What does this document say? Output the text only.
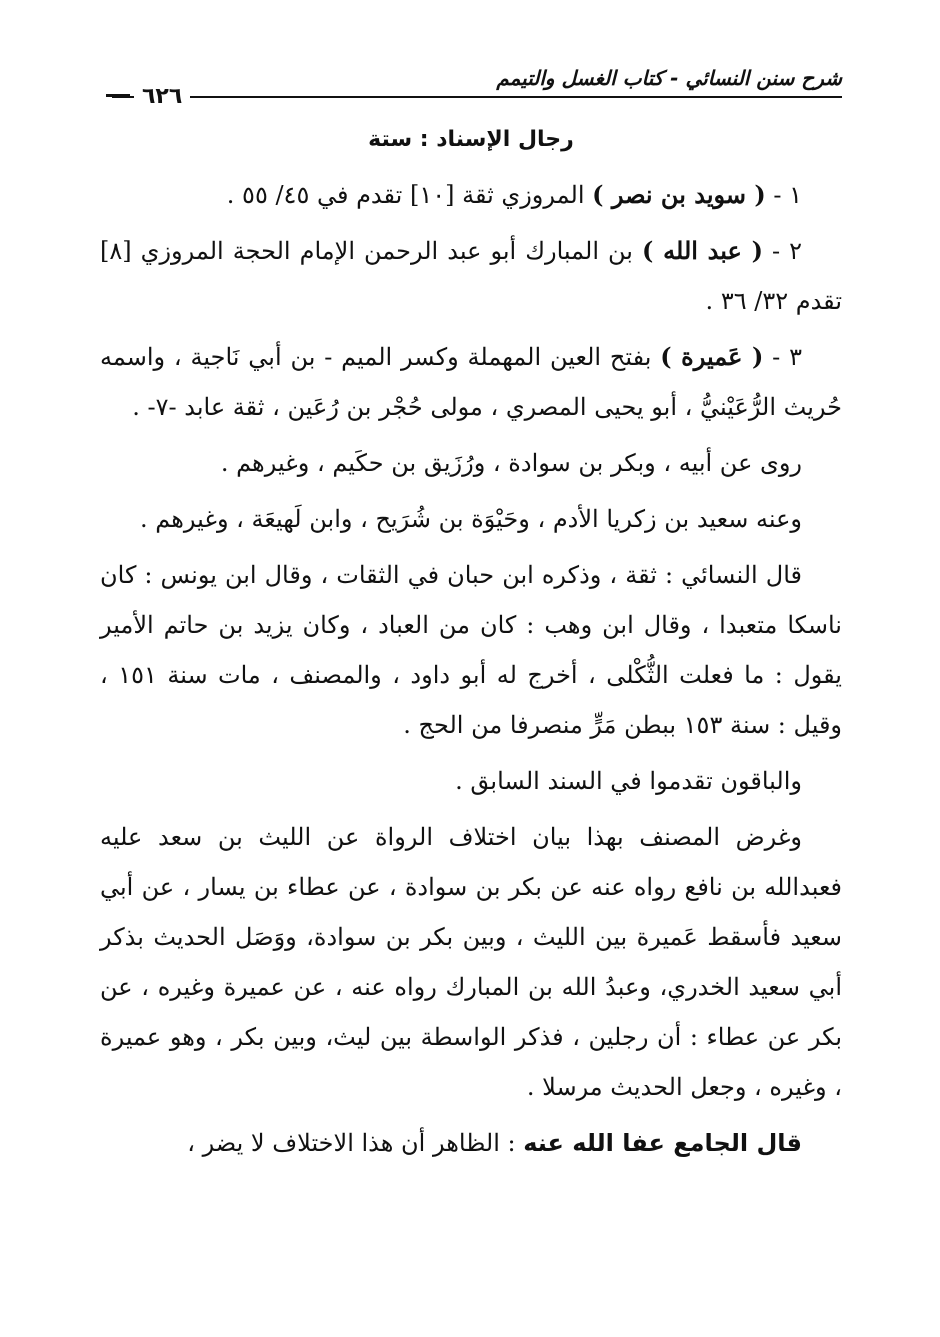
شرح سنن النسائي - كتاب الغسل والتيمم
٦٢٦
رجال الإسناد : ستة

١ - ( سويد بن نصر ) المروزي ثقة [١٠] تقدم في ٤٥/ ٥٥ .

٢ - ( عبد الله ) بن المبارك أبو عبد الرحمن الإمام الحجة المروزي [٨] تقدم ٣٢/ ٣٦ .

٣ - ( عَميرة ) بفتح العين المهملة وكسر الميم - بن أبي نَاجية ، واسمه حُريث الرُّعَيْنيُّ ، أبو يحيى المصري ، مولى حُجْر بن رُعَين ، ثقة عابد -٧- .

روى عن أبيه ، وبكر بن سوادة ، ورُزَيق بن حكَيم ، وغيرهم .

وعنه سعيد بن زكريا الأدم ، وحَيْوَة بن شُرَيح ، وابن لَهيعَة ، وغيرهم .

قال النسائي : ثقة ، وذكره ابن حبان في الثقات ، وقال ابن يونس : كان ناسكا متعبدا ، وقال ابن وهب : كان من العباد ، وكان يزيد بن حاتم الأمير يقول : ما فعلت الثُّكْلى ، أخرج له أبو داود ، والمصنف ، مات سنة ١٥١ ، وقيل : سنة ١٥٣ ببطن مَرٍّ منصرفا من الحج .

والباقون تقدموا في السند السابق .

وغرض المصنف بهذا بيان اختلاف الرواة عن الليث بن سعد عليه فعبدالله بن نافع رواه عنه عن بكر بن سوادة ، عن عطاء بن يسار ، عن أبي سعيد فأسقط عَميرة بين الليث ، وبين بكر بن سوادة، ووَصَل الحديث بذكر أبي سعيد الخدري، وعبدُ الله بن المبارك رواه عنه ، عن عميرة وغيره ، عن بكر عن عطاء : أن رجلين ، فذكر الواسطة بين ليث، وبين بكر ، وهو عميرة ، وغيره ، وجعل الحديث مرسلا .

قال الجامع عفا الله عنه : الظاهر أن هذا الاختلاف لا يضر ،
